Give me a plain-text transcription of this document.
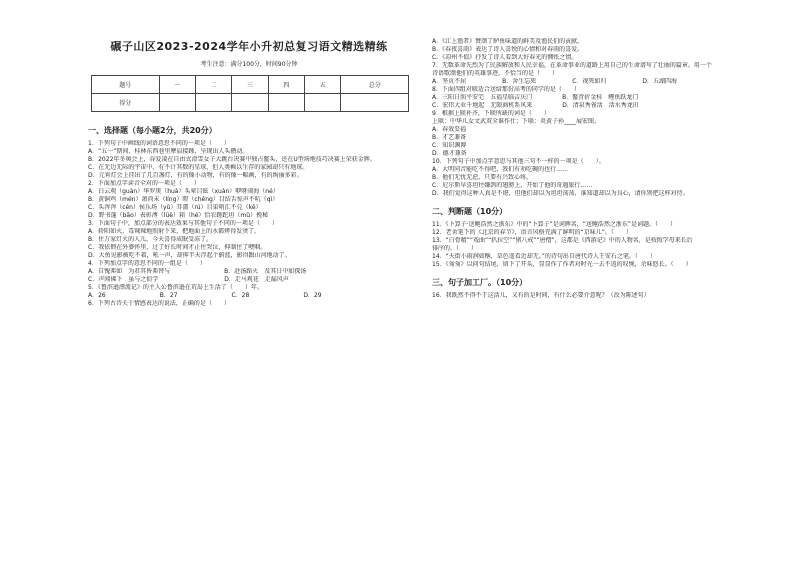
碾子山区2023-2024学年小升初总复习语文精选精练
考生注意：满分100分，时间90分钟
题号	一	二	三	四	五	总分
得分						
一、选择题（每小题2分，共20分）
1．下列句子中画线的词语意思不同的一项是（　　）
A．“五一”期间，桂林东西巷里摩肩接踵，呈现出人头攒动。
B．2022年冬奥会上，谷爱凌在自由式滑雪女子大跳台决赛中独占鳌头，还在U型场地技巧决赛上荣获金牌。
C．在无边无际的宇宙中，有不计其数的星球，但人类赖以生存的家园却只有地球。
D．元宵灯会上挂出了几百盏灯，有的像小动物，有的像一幅画，有的绚丽多彩。
2．下面加点字读音全对的一项是（　　）
A．白云观（guàn）华罗庚（huà）头晕目眩（xuàn）咿呀闹海（né）
B．黄铜鸡（mén）萧尚未（líng）瞪（chēng）目结舌惊声不吭（qì）
C．头涔涔（cén）侯乐场（yǔ）耳濡（rú）目染哨汇不兑（kě）
D．野书蓬（bāo）表彰溥（lüè）箱（hé）恰农蹉跎坦（mǔ）挽秘
3．下面句子中，加点部分的表达效果与其他句子不同的一项是（　　）
A．轿阳如火，毒辣辣地照射下来，把地面上的水都烤得发烫了。
B．住万家灯火的人儿，今天喜得成眠受冻了。
C．我依偎在外婆怀里，过了好长时间才止住哭泣，抑制住了哽咽。
D．大鱼见影被吃不着，吼一声，却抑半天浮起个蔚蓝，影得跟山河地动了。
4．下列加点字的意思不同的一组是（　　）
A．自愧弗如　为君其皆弗替与　　　　　　　　　B．赴汤蹈火　及其日中如探汤
C．声闻佛下　虽与之俱学　　　　　　　　　　　D．走马观花　走漏风声
5．《鲁滨逊漂流记》的主人公鲁滨逊在荒岛上生活了（　　）年。
A．26　　　　　　　　　B．27　　　　　　　　　C．28　　　　　　　　　D．29
6．下列古诗关于情感表达的说法，正确的是（　　）
A．《江上渔者》赞颂了鲈鱼味道的鲜美及渔民们的贡献。
B．《春夜喜雨》表达了诗人喜悦的心情和对春雨的喜爱。
C．《凉州不值》抒发了诗人看到大好春光的惆怅之情。
7．无数革命先烈为了民族解放和人民幸福，在革命事业的道路上用自己的生命谱写了壮丽的篇章。用一个
诗语歌颂他们的英雄事迹，不恰当的是（　　）
A．坚贞不屈　　　　　　B．舍生忘死　　　　　　C．视死如归　　　　　　D．五湖四海
8．下面四组对联适合送给那份高考的同学的是（　　）
A．三阳日照平安宅　五福星临吉庆门　　　　　B．鳌背折金桂　鲤鱼跃龙门
C．宏伟大业千地起　无限商机系风来　　　　　D．清泉秀雀活　活水秀龙田
9．根据上联补齐，下联所缺的词是（　　）
上联：中华儿女文武双全谁作仕；下联：炎黄子孙____展宏图。
A．春效妥福
B．才艺兼备
C．知识渊博
D．德才兼备
10．下列句子中加点字意思与其他三句不一样的一项是（　　）。
A．大明同音能吃不得吧，我们有劝吃碗的也行……
B．他们无忧无虑，只要有兴致心疼。
C．尼尔斯早喜坦往嫌鸽的翅膀上，开始了他的奇遇旅行……
D．我们觉得这种人真是不堪，但他们却以为坦坦荡荡，谁知道却以为良心，请你别把这样对待。
二、判断题（10分）
11．《卜算子·送鲍浩然之浙东》中的“卜算子”是词牌名，“送鲍浩然之浙东”是词题。（　　）
12．老舍笔下的《北京的春节》，语言风格充满了鲜明的“京味儿”。（　　）
13．“白骨精”“戏曲”“扒拉空”“猪八戒”“唐僧”，这都是《西游记》中的人物名，是按照学母来长后
排序的。（　　）
14．“天街小雨润如酥，草色遥看近却无。”的诗句出自唐代诗人王安石之笔。（　　）
15．《匆匆》以问句结尾，留下了开头，显显作了作者对时光一去不返的叹惋，余味悠长。（　　）
三、句子加工厂。（10分）
16．我既然不得不干这活儿，又有的是时间，有什么必要介意呢？（改为陈述句）
